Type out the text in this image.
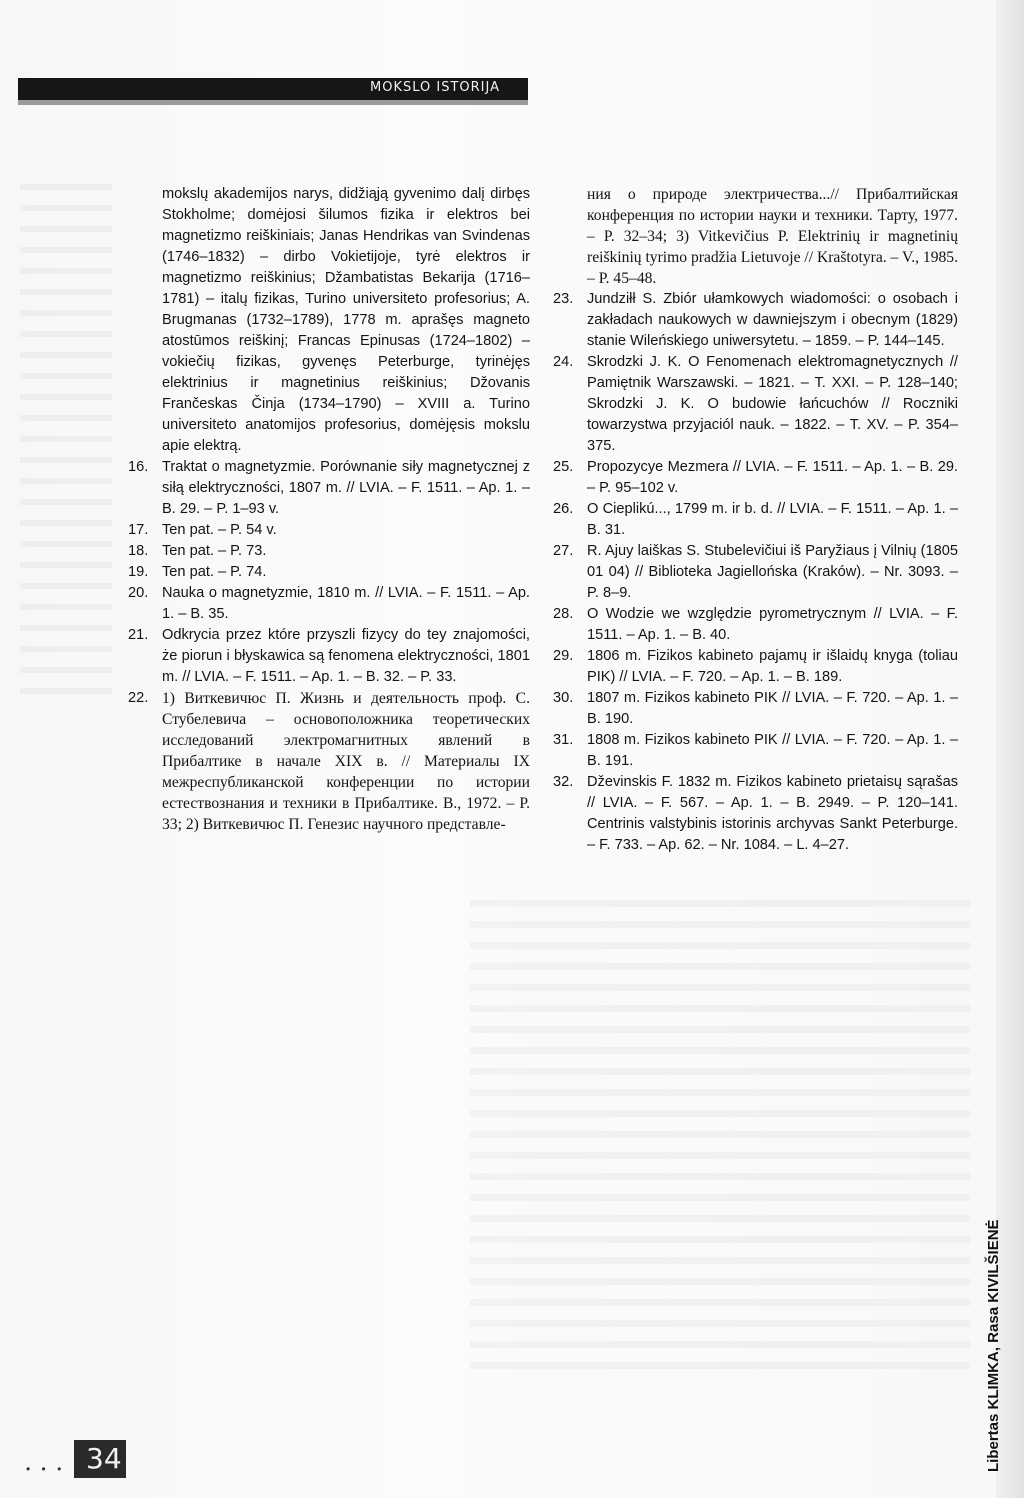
MOKSLO ISTORIJA

mokslų akademijos narys, didžiąją gyvenimo dalį dirbęs Stokholme; domėjosi šilumos fizika ir elektros bei magnetizmo reiškiniais; Janas Hendrikas van Svindenas (1746–1832) – dirbo Vokietijoje, tyrė elektros ir magnetizmo reiškinius; Džambatistas Bekarija (1716–1781) – italų fizikas, Turino universiteto profesorius; A. Brugmanas (1732–1789), 1778 m. aprašęs magneto atostūmos reiškinį; Francas Epinusas (1724–1802) – vokiečių fizikas, gyvenęs Peterburge, tyrinėjęs elektrinius ir magnetinius reiškinius; Džovanis Frančeskas Činja (1734–1790) – XVIII a. Turino universiteto anatomijos profesorius, domėjęsis mokslu apie elektrą.

16. Traktat o magnetyzmie. Porównanie siły magnetycznej z siłą elektryczności, 1807 m. // LVIA. – F. 1511. – Ap. 1. – B. 29. – P. 1–93 v.
17. Ten pat. – P. 54 v.
18. Ten pat. – P. 73.
19. Ten pat. – P. 74.
20. Nauka o magnetyzmie, 1810 m. // LVIA. – F. 1511. – Ap. 1. – B. 35.
21. Odkrycia przez które przyszli fizycy do tey znajomości, że piorun i błyskawica są fenomena elektryczności, 1801 m. // LVIA. – F. 1511. – Ap. 1. – B. 32. – P. 33.
22. 1) Виткевичюс П. Жизнь и деятельность проф. С. Стубелевича – основоположника теоретических исследований электромагнитных явлений в Прибалтике в начале XIX в. // Материалы IX межреспубликанской конференции по истории естествознания и техники в Прибалтике. В., 1972. – Р. 33; 2) Виткевичюс П. Генезис научного представле-

ния о природе электричества...// Прибалтийская конференция по истории науки и техники. Тарту, 1977. – P. 32–34; 3) Vitkevičius P. Elektrinių ir magnetinių reiškinių tyrimo pradžia Lietuvoje // Kraštotyra. – V., 1985. – P. 45–48.

23. Jundziłł S. Zbiór ułamkowych wiadomości: o osobach i zakładach naukowych w dawniejszym i obecnym (1829) stanie Wileńskiego uniwersytetu. – 1859. – P. 144–145.
24. Skrodzki J. K. O Fenomenach elektromagnetycznych // Pamiętnik Warszawski. – 1821. – T. XXI. – P. 128–140; Skrodzki J. K. O budowie łańcuchów // Roczniki towarzystwa przyjaciól nauk. – 1822. – T. XV. – P. 354–375.
25. Propozycye Mezmera // LVIA. – F. 1511. – Ap. 1. – B. 29. – P. 95–102 v.
26. O Cieplikú..., 1799 m. ir b. d. // LVIA. – F. 1511. – Ap. 1. – B. 31.
27. R. Ajuy laiškas S. Stubelevičiui iš Paryžiaus į Vilnių (1805 01 04) // Biblioteka Jagiellońska (Kraków). – Nr. 3093. – P. 8–9.
28. O Wodzie we względzie pyrometrycznym // LVIA. – F. 1511. – Ap. 1. – B. 40.
29. 1806 m. Fizikos kabineto pajamų ir išlaidų knyga (toliau PIK) // LVIA. – F. 720. – Ap. 1. – B. 189.
30. 1807 m. Fizikos kabineto PIK // LVIA. – F. 720. – Ap. 1. – B. 190.
31. 1808 m. Fizikos kabineto PIK // LVIA. – F. 720. – Ap. 1. – B. 191.
32. Dževinskis F. 1832 m. Fizikos kabineto prietaisų sąrašas // LVIA. – F. 567. – Ap. 1. – B. 2949. – P. 120–141. Centrinis valstybinis istorinis archyvas Sankt Peterburge. – F. 733. – Ap. 62. – Nr. 1084. – L. 4–27.
• • • 34	Libertas KLIMKA, Rasa KIVILŠIENĖ
